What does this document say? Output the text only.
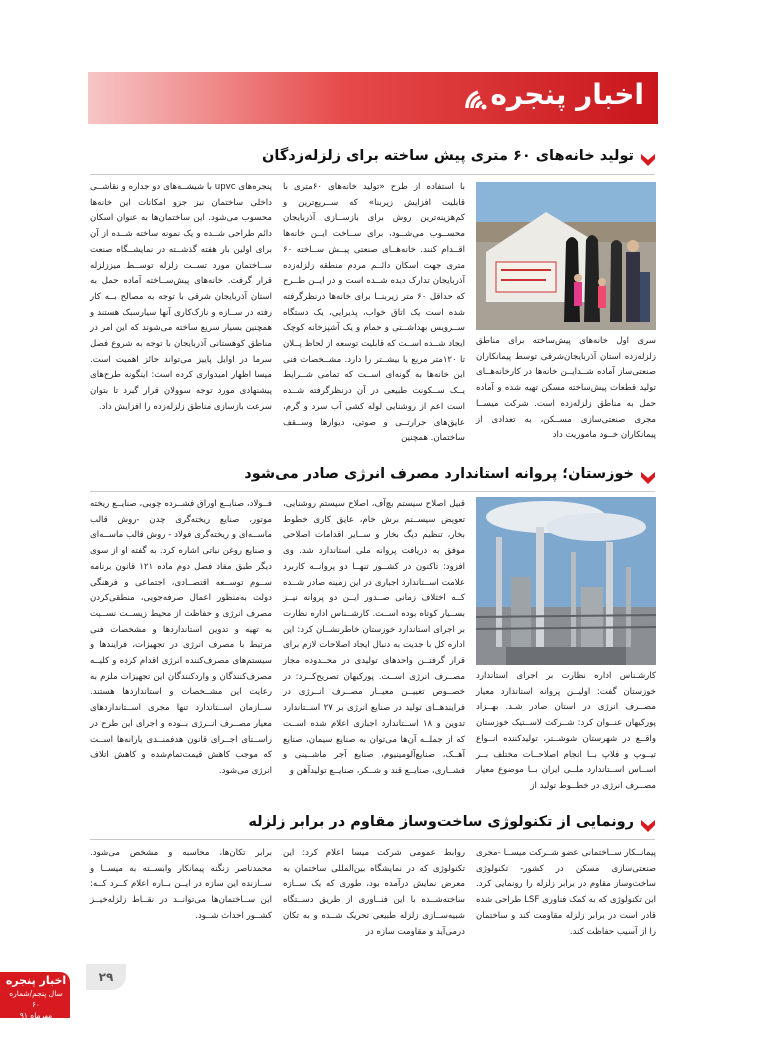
اخبار پنجره
تولید خانه‌های ۶۰ متری پیش ساخته برای زلزله‌زدگان
سری اول خانه‌های پیش‌ساخته برای مناطق زلزله‌زده استان آذربایجان‌شرقی توسط پیمانکاران صنعتی‌ساز آماده شــدایــن خانه‌ها در کارخانه‌هــای تولید قطعات پیش‌ساخته مسکن تهیه شده و آماده حمل به مناطق زلزله‌زده است. شرکت میســا مجری صنعتی‌سازی مســکن، به تعدادی از پیمانکاران خــود ماموریت داد
با استفاده از طرح «تولید خانه‌های ۶۰متری با قابلیت افزایش زیربنا» که ســریع‌ترین و کم‌هزینه‌ترین روش برای بازســازی آذربایجان محســوب می‌شــود، برای ســاخت ایــن خانه‌ها اقــدام کنند. خانه‌هــای صنعتی پیــش ســاخته ۶۰ متری جهت اسکان دائــم مردم منطقه زلزله‌زده آذربایجان تدارک دیده شــده است و در ایــن طــرح که حداقل ۶۰ متر زیربنــا برای خانه‌ها درنظرگرفته شده است یک اتاق خواب، پذیرایی، یک دستگاه ســرویس بهداشــتی و حمام و یک آشپزخانه کوچک ایجاد شــده اســت که قابلیت توسعه از لحاظ پــلان تا ۱۲۰متر مربع یا بیشــتر را دارد. مشــخصات فنی این خانه‌ها به گونه‌ای اســت که تمامی شــرایط یــک ســکونت طبیعی در آن درنظرگرفته شــده است اعم از روشنایی لوله کشی آب سرد و گرم، عایق‌های حرارتــی و صوتی، دیوارها وســقف ساختمان. همچنین
پنجره‌های upvc با شیشــه‌های دو جداره و نقاشــی داخلی ساختمان نیز جزو امکانات این خانه‌ها محسوب می‌شود. این ساختمان‌ها به عنوان اسکان دائم طراحی شــده و یک نمونه ساخته شــده از آن برای اولین بار هفته گذشــته در نمایشــگاه صنعت ســاختمان مورد تســت زلزله توســط میززلزله قرار گرفت. خانه‌های پیش‌ســاخته آماده حمل به استان آذربایجان شرقی با توجه به مصالح بــه کار رفته در ســازه و نازک‌کاری آنها سیارسبک هستند و همچنین بسیار سریع ساخته می‌شوند که این امر در مناطق کوهستانی آذربایجان با توجه به شروع فصل سرما در اوایل پاییز می‌تواند حائز اهمیت است. میسا اظهار امیدواری کرده است: اینگونه طرح‌های پیشنهادی مورد توجه سوولان قرار گیرد تا بتوان سرعت بازسازی مناطق زلزله‌زده را افزایش داد.
خوزستان؛ پروانه استاندارد مصرف انرژی صادر می‌شود
کارشـناس اداره نظارت بر اجرای استاندارد خوزستان گفت: اولیــن پروانه استاندارد معیار مصــرف انرژی در استان صادر شـد. بهــزاد پورکیهان عنــوان کرد: شــرکت لاســتیک خوزستان واقــع در شهرستان شوشــتر، تولیدکننده انــواع تیــوپ و فلاپ بــا انجام اصلاحــات مختلف بــر اســاس اســتاندارد ملــی ایران بــا موضوع معیار مصــرف انرژی در خطــوط تولید از
قبیل اصلاح سیستم بچ‌آف، اصلاح سیستم روشنایی، تعویض سیســتم برش خام، عایق کاری خطوط بخار، تنظیم دیگ بخار و ســایر اقدامات اصلاحی موفق به دریافت پروانه ملی استاندارد شد. وی افزود: تاکنون در کشــور تنهــا دو پروانــه کاربرد علامت اســتاندارد اجباری در این زمینه صادر شــده کــه اختلاف زمانی صــدور ایــن دو پروانه نیــز بســیار کوتاه بوده اســت. کارشــناس اداره نظارت بر اجرای استاندارد خوزستان خاطرنشــان کرد: این اداره کل با جدیت به دنبال ایجاد اصلاحات لازم برای قرار گرفتــن واحدهای تولیدی در محــدوده مجاز مصــرف انرژی اســت. پورکیهان تصریح‌کــرد: در خصــوص تعییــن معیــار مصــرف انــرژی در فرایندهــای تولید در صنایع انرژی بر ۲۷ اســتاندارد تدوین و ۱۸ اســتاندارد اجباری اعلام شده اســت که از جملــه آن‌ها می‌توان به صنایع سیمان، صنایع آهــک، صنایع‌آلومینیوم، صنایع آجر ماشــینی و فشــاری، صنایــع قند و شــکر، صنایــع تولیدآهن و
فــولاد، صنایــع اوراق فشــرده چوبی، صنایــع ریخته موتور، صنایع ریخته‌گری چدن -روش قالب ماســه‌ای و ریخته‌گری فولاد - روش قالب ماســه‌ای و صنایع روغن نباتی اشاره کرد. به گفته او از سوی دیگر طبق مفاد فصل دوم ماده ۱۲۱ قانون برنامه ســوم توســعه اقتصــادی، اجتماعی و فرهنگی دولت به‌منظور اعمال صرفه‌جویی، منطقی‌کردن مصرف انرژی و حفاظت از محیط زیســت نســبت به تهیه و تدوین استانداردها و مشخصات فنی مرتبط با مصرف انرژی در تجهیزات، فرایندها و سیستم‌های مصرف‌کننده انرژی اقدام کرده و کلیــه مصرف‌کنندگان و واردکنندگان این تجهیزات ملزم به رعایت این مشــخصات و استانداردها هستند. ســازمان اســتاندارد تنها مجری اســتانداردهای معیار مصــرف انــرژی بــوده و اجرای این طرح در راســتای اجــرای قانون هدفمنــدی یارانه‌ها اســت که موجب کاهش قیمت‌تمام‌شده و کاهش اتلاف انرژی می‌شود.
رونمایی از تکنولوژی ساخت‌وساز مقاوم در برابر زلزله
پیمانــکار ســاختمانی عضو شــرکت میســا -مجری صنعتی‌سازی مسکن در کشور- تکنولوژی ساخت‌وساز مقاوم در برابر زلزله را رونمایی کرد. این تکنولوژی که به کمک فناوری LSF طراحی شده قادر است در برابر زلزله مقاومت کند و ساختمان را از آسیب حفاظت کند.
روابط عمومی شرکت میسا اعلام کرد: این تکنولوژی که در نمایشگاه بین‌المللی ساختمان به معرض نمایش درآمده بود، طوری که یک ســازه ساخته‌شــده با این فنــاوری از طریق دســتگاه شبیه‌ســازی زلزله طبیعی تحریک شــده و به تکان درمی‌آید و مقاومت سازه در
برابر تکان‌ها، محاسبه و مشخص می‌شود. محمدناصر زنگنه پیمانکار وابســته به میســا و ســازنده این سازه در ایــن بــاره اعلام کــرد کــه: این ســاختمان‌ها می‌توانــد در نقــاط زلزله‌خیــز کشــور احداث شــود.
۲۹
اخبار پنجره
سال پنجم/شماره ۶۰
مهرماه ۹۱
